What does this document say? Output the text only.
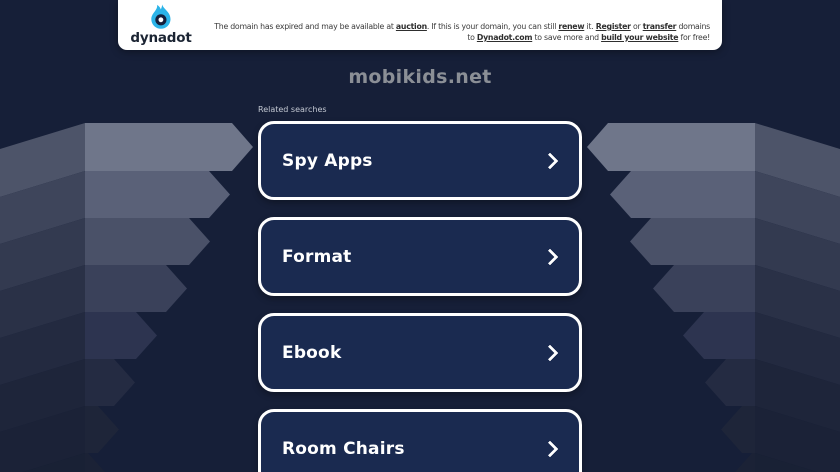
dynadot

The domain has expired and may be available at auction. If this is your domain, you can still renew it. Register or transfer domains
to Dynadot.com to save more and build your website for free!

mobikids.net
Related searches
Spy Apps
Format
Ebook
Room Chairs
